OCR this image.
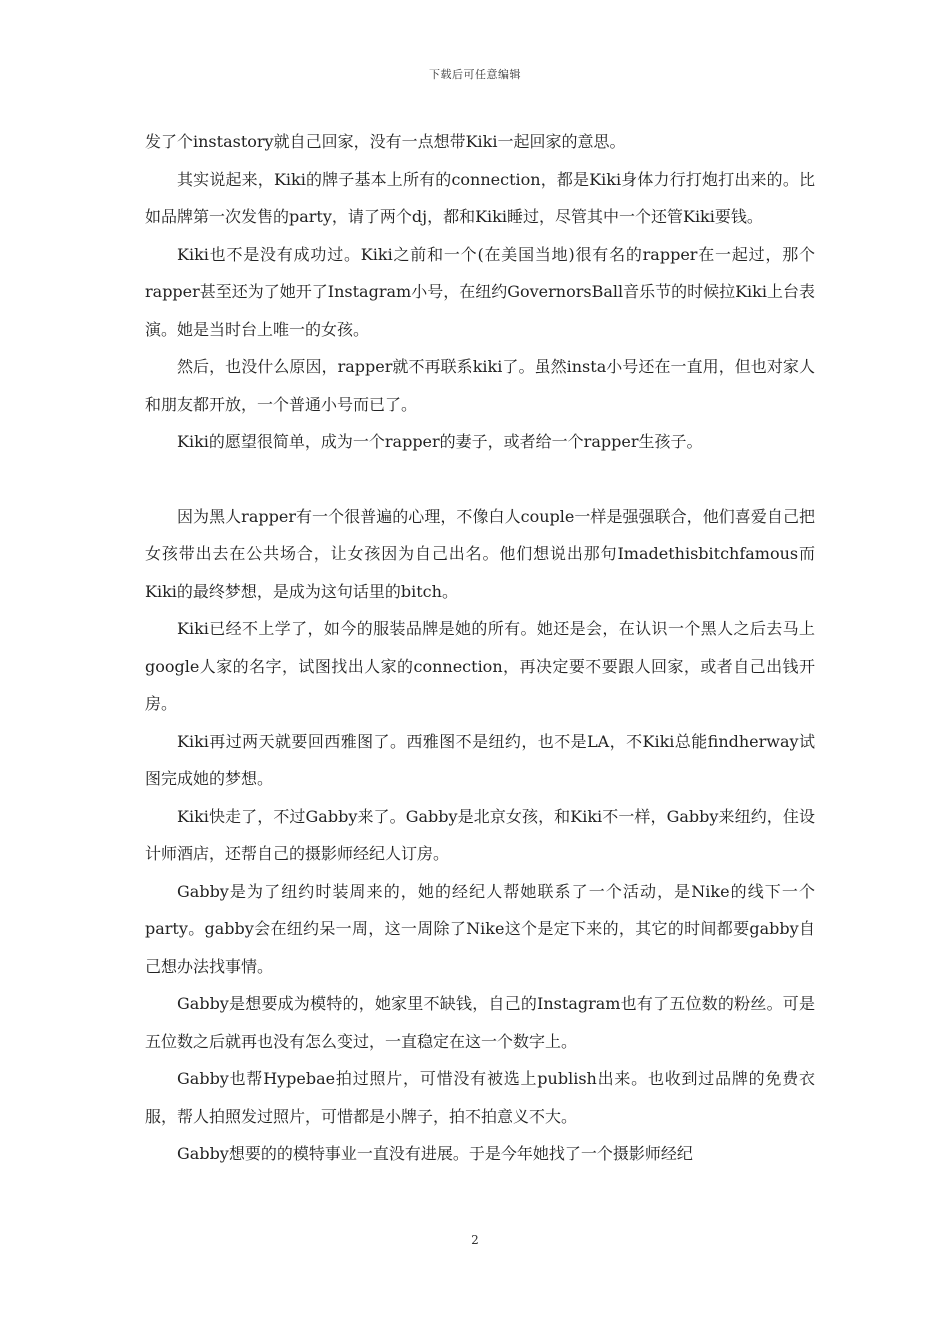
下载后可任意编辑

发了个instastory就自己回家，没有一点想带Kiki一起回家的意思。

其实说起来，Kiki的牌子基本上所有的connection，都是Kiki身体力行打炮打出来的。比如品牌第一次发售的party，请了两个dj，都和Kiki睡过，尽管其中一个还管Kiki要钱。

Kiki也不是没有成功过。Kiki之前和一个(在美国当地)很有名的rapper在一起过，那个rapper甚至还为了她开了Instagram小号，在纽约GovernorsBall音乐节的时候拉Kiki上台表演。她是当时台上唯一的女孩。

然后，也没什么原因，rapper就不再联系kiki了。虽然insta小号还在一直用，但也对家人和朋友都开放，一个普通小号而已了。

Kiki的愿望很简单，成为一个rapper的妻子，或者给一个rapper生孩子。

因为黑人rapper有一个很普遍的心理，不像白人couple一样是强强联合，他们喜爱自己把女孩带出去在公共场合，让女孩因为自己出名。他们想说出那句Imadethisbitchfamous而Kiki的最终梦想，是成为这句话里的bitch。

Kiki已经不上学了，如今的服装品牌是她的所有。她还是会，在认识一个黑人之后去马上google人家的名字，试图找出人家的connection，再决定要不要跟人回家，或者自己出钱开房。

Kiki再过两天就要回西雅图了。西雅图不是纽约，也不是LA，不Kiki总能findherway试图完成她的梦想。

Kiki快走了，不过Gabby来了。Gabby是北京女孩，和Kiki不一样，Gabby来纽约，住设计师酒店，还帮自己的摄影师经纪人订房。

Gabby是为了纽约时装周来的，她的经纪人帮她联系了一个活动，是Nike的线下一个party。gabby会在纽约呆一周，这一周除了Nike这个是定下来的，其它的时间都要gabby自己想办法找事情。

Gabby是想要成为模特的，她家里不缺钱，自己的Instagram也有了五位数的粉丝。可是五位数之后就再也没有怎么变过，一直稳定在这一个数字上。

Gabby也帮Hypebae拍过照片，可惜没有被选上publish出来。也收到过品牌的免费衣服，帮人拍照发过照片，可惜都是小牌子，拍不拍意义不大。

Gabby想要的的模特事业一直没有进展。于是今年她找了一个摄影师经纪

2
